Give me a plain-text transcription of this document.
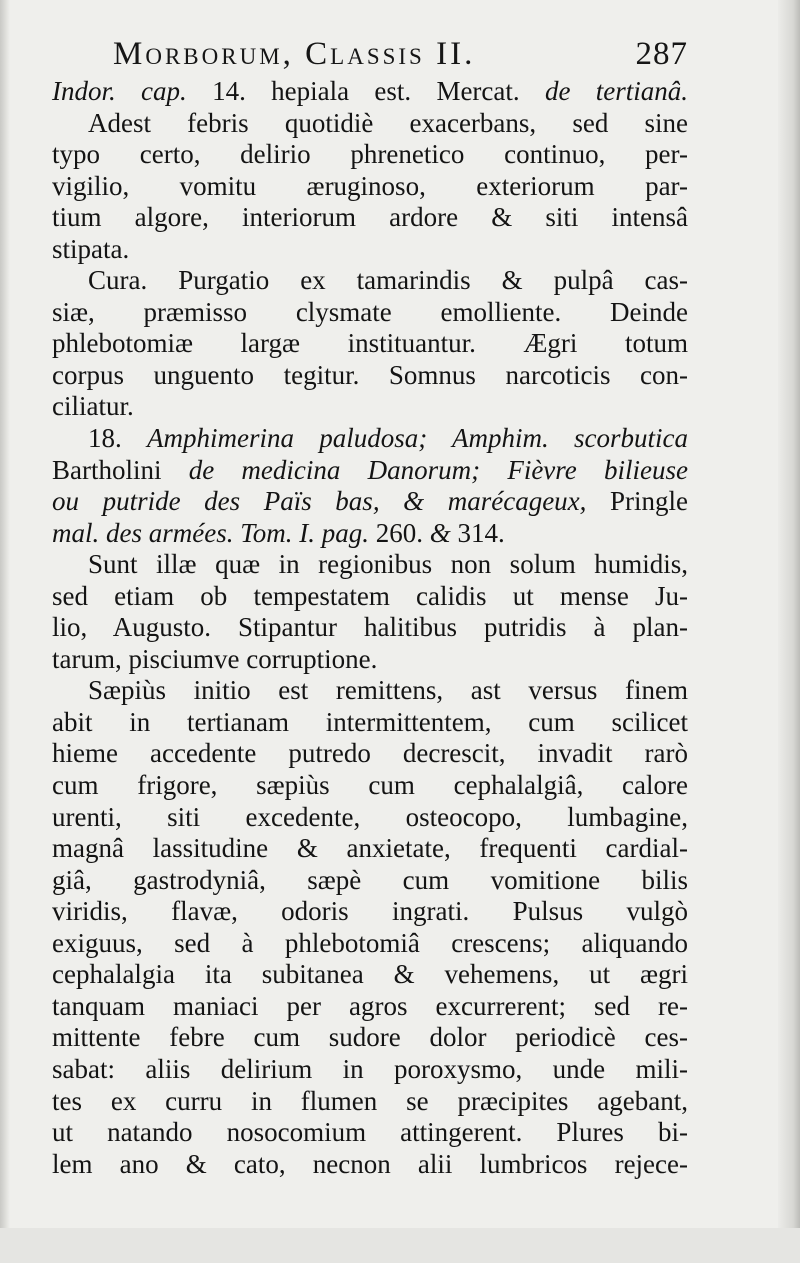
Morborum, Classis II.	287
Indor. cap. 14. hepiala est. Mercat. de tertianâ.
Adest febris quotidiè exacerbans, sed sine
typo certo, delirio phrenetico continuo, per-
vigilio, vomitu æruginoso, exteriorum par-
tium algore, interiorum ardore & siti intensâ
stipata.
Cura. Purgatio ex tamarindis & pulpâ cas-
siæ, præmisso clysmate emolliente. Deinde
phlebotomiæ largæ instituantur. Ægri totum
corpus unguento tegitur. Somnus narcoticis con-
ciliatur.
18. Amphimerina paludosa; Amphim. scorbutica
Bartholini de medicina Danorum; Fièvre bilieuse
ou putride des Païs bas, & marécageux, Pringle
mal. des armées. Tom. I. pag. 260. & 314.
Sunt illæ quæ in regionibus non solum humidis,
sed etiam ob tempestatem calidis ut mense Ju-
lio, Augusto. Stipantur halitibus putridis à plan-
tarum, pisciumve corruptione.
Sæpiùs initio est remittens, ast versus finem
abit in tertianam intermittentem, cum scilicet
hieme accedente putredo decrescit, invadit rarò
cum frigore, sæpiùs cum cephalalgiâ, calore
urenti, siti excedente, osteocopo, lumbagine,
magnâ lassitudine & anxietate, frequenti cardial-
giâ, gastrodyniâ, sæpè cum vomitione bilis
viridis, flavæ, odoris ingrati. Pulsus vulgò
exiguus, sed à phlebotomiâ crescens; aliquando
cephalalgia ita subitanea & vehemens, ut ægri
tanquam maniaci per agros excurrerent; sed re-
mittente febre cum sudore dolor periodicè ces-
sabat: aliis delirium in poroxysmo, unde mili-
tes ex curru in flumen se præcipites agebant,
ut natando nosocomium attingerent. Plures bi-
lem ano & cato, necnon alii lumbricos rejece-
